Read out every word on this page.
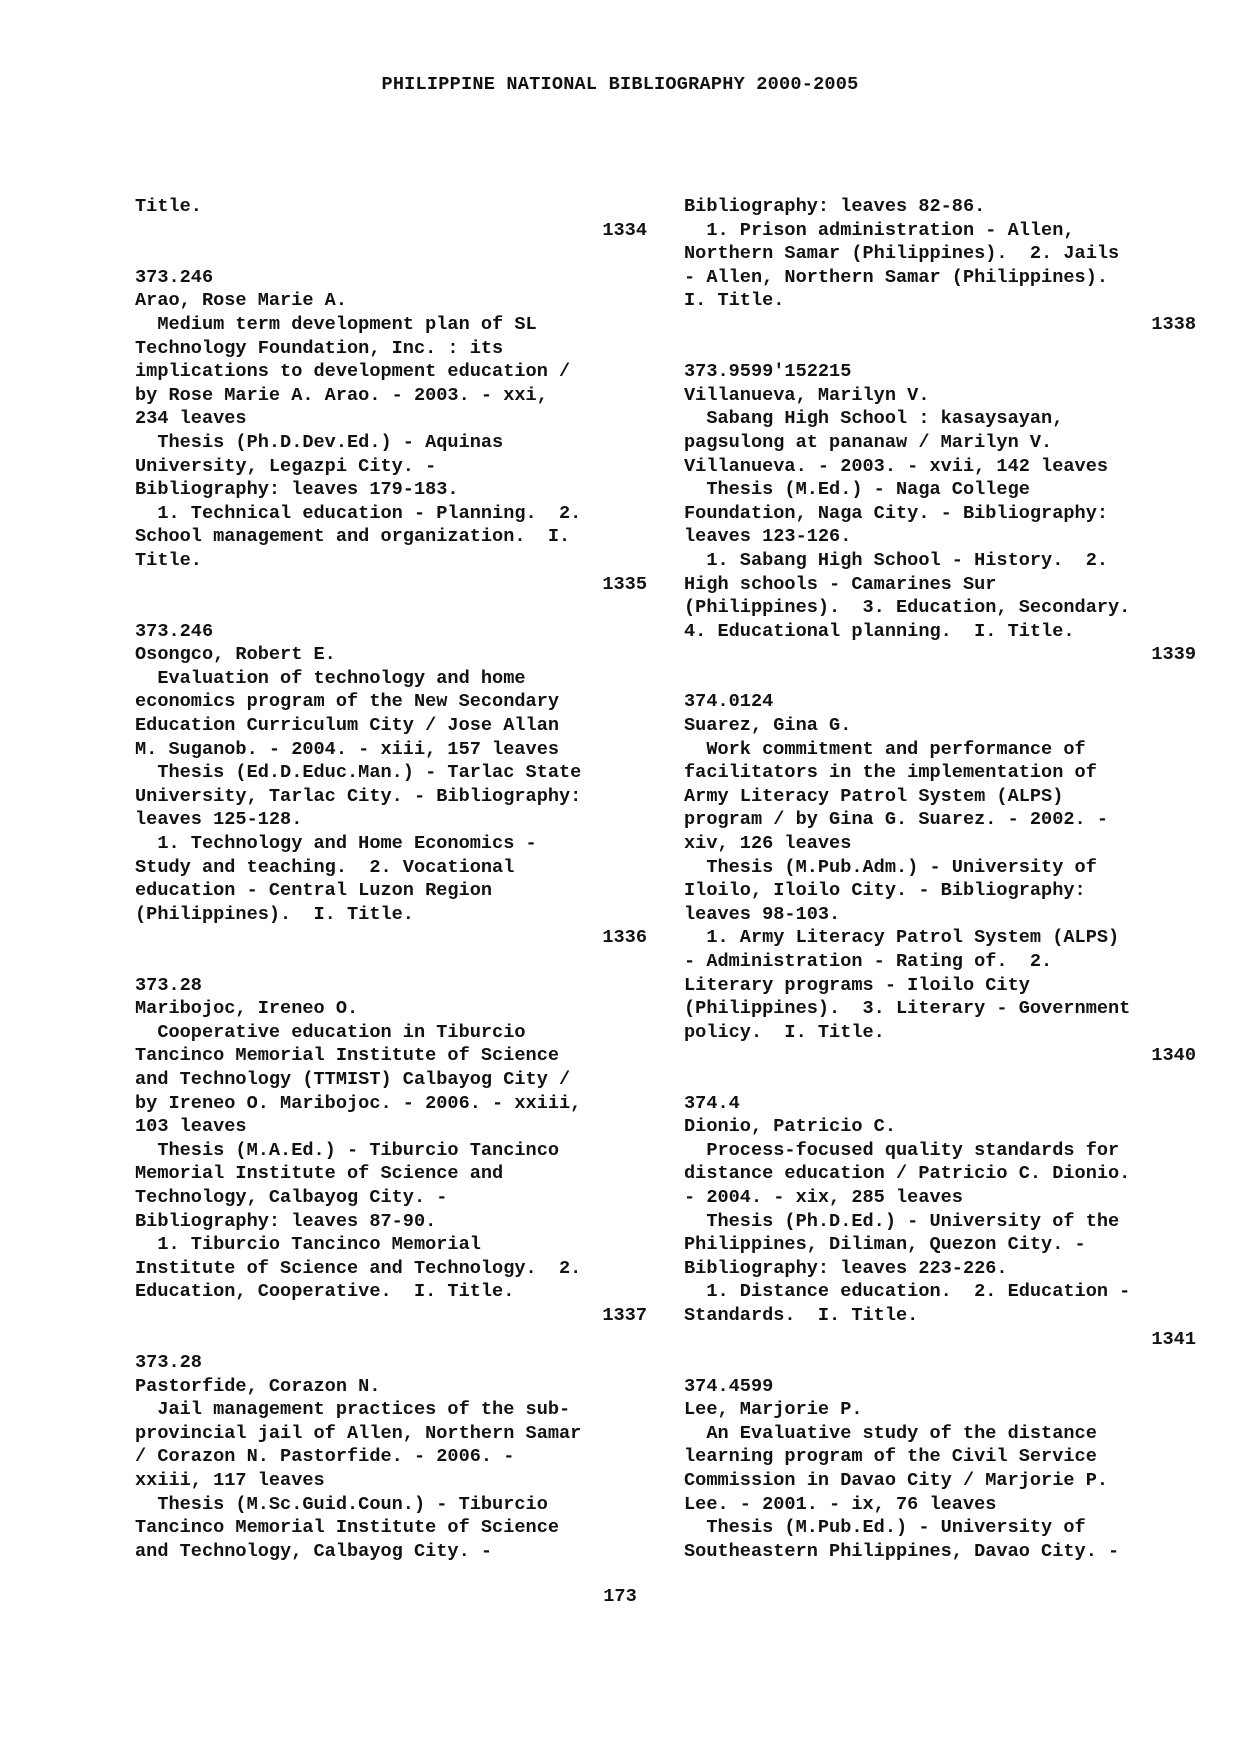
PHILIPPINE NATIONAL BIBLIOGRAPHY 2000-2005
Title.
1334
373.246
Arao, Rose Marie A.
Medium term development plan of SL
Technology Foundation, Inc. : its
implications to development education /
by Rose Marie A. Arao. - 2003. - xxi,
234 leaves
Thesis (Ph.D.Dev.Ed.) - Aquinas
University, Legazpi City. -
Bibliography: leaves 179-183.
1. Technical education - Planning.  2.
School management and organization.  I.
Title.
1335
373.246
Osongco, Robert E.
Evaluation of technology and home
economics program of the New Secondary
Education Curriculum City / Jose Allan
M. Suganob. - 2004. - xiii, 157 leaves
Thesis (Ed.D.Educ.Man.) - Tarlac State
University, Tarlac City. - Bibliography:
leaves 125-128.
1. Technology and Home Economics -
Study and teaching.  2. Vocational
education - Central Luzon Region
(Philippines).  I. Title.
1336
373.28
Maribojoc, Ireneo O.
Cooperative education in Tiburcio
Tancinco Memorial Institute of Science
and Technology (TTMIST) Calbayog City /
by Ireneo O. Maribojoc. - 2006. - xxiii,
103 leaves
Thesis (M.A.Ed.) - Tiburcio Tancinco
Memorial Institute of Science and
Technology, Calbayog City. -
Bibliography: leaves 87-90.
1. Tiburcio Tancinco Memorial
Institute of Science and Technology.  2.
Education, Cooperative.  I. Title.
1337
373.28
Pastorfide, Corazon N.
Jail management practices of the sub-
provincial jail of Allen, Northern Samar
/ Corazon N. Pastorfide. - 2006. -
xxiii, 117 leaves
Thesis (M.Sc.Guid.Coun.) - Tiburcio
Tancinco Memorial Institute of Science
and Technology, Calbayog City. -
Bibliography: leaves 82-86.
1. Prison administration - Allen,
Northern Samar (Philippines).  2. Jails
- Allen, Northern Samar (Philippines).
I. Title.
1338
373.9599'152215
Villanueva, Marilyn V.
Sabang High School : kasaysayan,
pagsulong at pananaw / Marilyn V.
Villanueva. - 2003. - xvii, 142 leaves
Thesis (M.Ed.) - Naga College
Foundation, Naga City. - Bibliography:
leaves 123-126.
1. Sabang High School - History.  2.
High schools - Camarines Sur
(Philippines).  3. Education, Secondary.
4. Educational planning.  I. Title.
1339
374.0124
Suarez, Gina G.
Work commitment and performance of
facilitators in the implementation of
Army Literacy Patrol System (ALPS)
program / by Gina G. Suarez. - 2002. -
xiv, 126 leaves
Thesis (M.Pub.Adm.) - University of
Iloilo, Iloilo City. - Bibliography:
leaves 98-103.
1. Army Literacy Patrol System (ALPS)
- Administration - Rating of.  2.
Literary programs - Iloilo City
(Philippines).  3. Literary - Government
policy.  I. Title.
1340
374.4
Dionio, Patricio C.
Process-focused quality standards for
distance education / Patricio C. Dionio.
- 2004. - xix, 285 leaves
Thesis (Ph.D.Ed.) - University of the
Philippines, Diliman, Quezon City. -
Bibliography: leaves 223-226.
1. Distance education.  2. Education -
Standards.  I. Title.
1341
374.4599
Lee, Marjorie P.
An Evaluative study of the distance
learning program of the Civil Service
Commission in Davao City / Marjorie P.
Lee. - 2001. - ix, 76 leaves
Thesis (M.Pub.Ed.) - University of
Southeastern Philippines, Davao City. -
173
